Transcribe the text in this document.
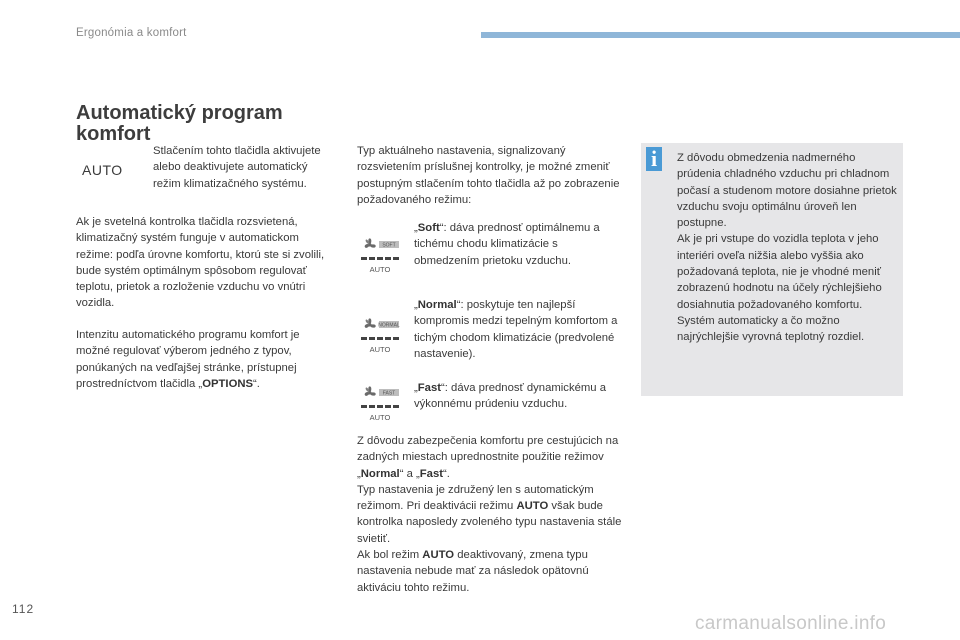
Ergonómia a komfort
Automatický program komfort
AUTO
Stlačením tohto tlačidla aktivujete alebo deaktivujete automatický režim klimatizačného systému.
Ak je svetelná kontrolka tlačidla rozsvietená, klimatizačný systém funguje v automatickom režime: podľa úrovne komfortu, ktorú ste si zvolili, bude systém optimálnym spôsobom regulovať teplotu, prietok a rozloženie vzduchu vo vnútri vozidla.
Intenzitu automatického programu komfort je možné regulovať výberom jedného z typov, ponúkaných na vedľajšej stránke, prístupnej prostredníctvom tlačidla „OPTIONS“.
Typ aktuálneho nastavenia, signalizovaný rozsvietením príslušnej kontrolky, je možné zmeniť postupným stlačením tohto tlačidla až po zobrazenie požadovaného režimu:
SOFT
AUTO
NORMAL
AUTO
FAST
AUTO
„Soft“: dáva prednosť optimálnemu a tichému chodu klimatizácie s obmedzením prietoku vzduchu.
„Normal“: poskytuje ten najlepší kompromis medzi tepelným komfortom a tichým chodom klimatizácie (predvolené nastavenie).
„Fast“: dáva prednosť dynamickému a výkonnému prúdeniu vzduchu.
Z dôvodu zabezpečenia komfortu pre cestujúcich na zadných miestach uprednostnite použitie režimov „Normal“ a „Fast“.
Typ nastavenia je združený len s automatickým režimom. Pri deaktivácii režimu AUTO však bude kontrolka naposledy zvoleného typu nastavenia stále svietiť.
Ak bol režim AUTO deaktivovaný, zmena typu nastavenia nebude mať za následok opätovnú aktiváciu tohto režimu.
i	Z dôvodu obmedzenia nadmerného prúdenia chladného vzduchu pri chladnom počasí a studenom motore dosiahne prietok vzduchu svoju optimálnu úroveň len postupne.
Ak je pri vstupe do vozidla teplota v jeho interiéri oveľa nižšia alebo vyššia ako požadovaná teplota, nie je vhodné meniť zobrazenú hodnotu na účely rýchlejšieho dosiahnutia požadovaného komfortu. Systém automaticky a čo možno najrýchlejšie vyrovná teplotný rozdiel.
112
carmanualsonline.info
